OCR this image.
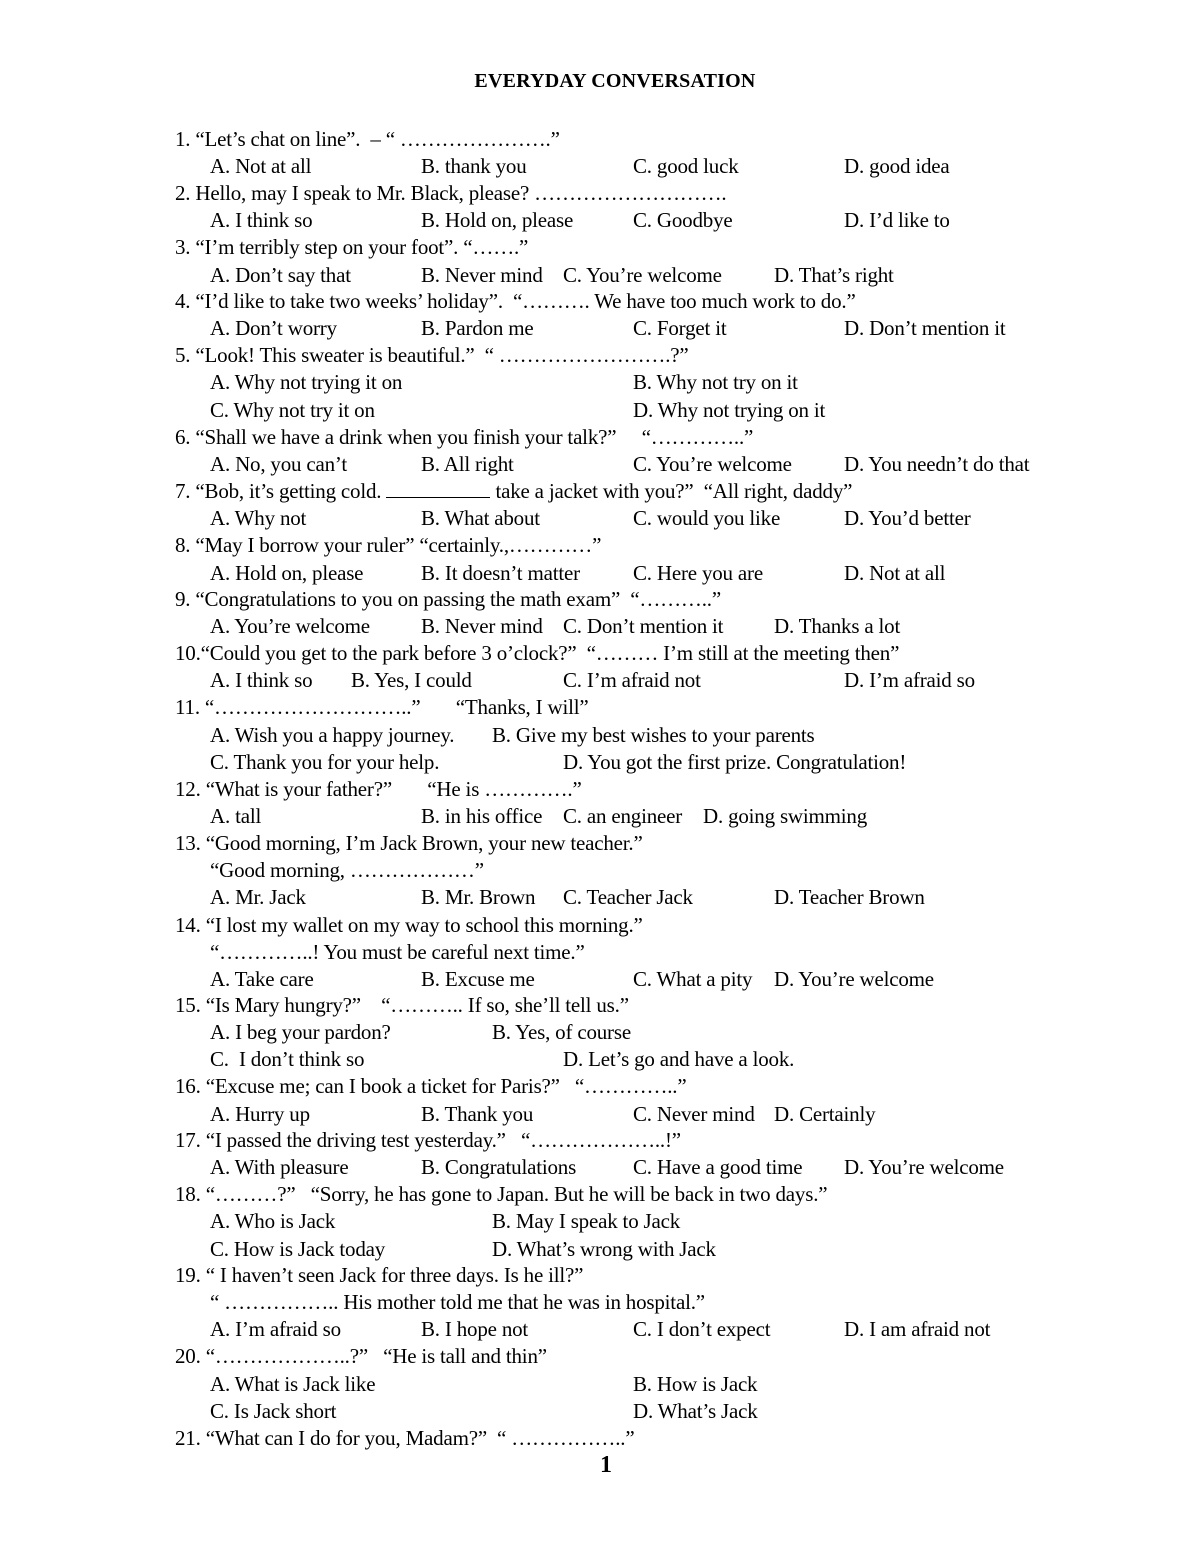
EVERYDAY CONVERSATION
1. “Let’s chat on line”.  – “ ………………….”
A. Not at all	B. thank you	C. good luck	D. good idea
2. Hello, may I speak to Mr. Black, please? ……………………….
A. I think so	B. Hold on, please	C. Goodbye	D. I’d like to
3. “I’m terribly step on your foot”. “…….”
A. Don’t say that	B. Never mind C. You’re welcome D. That’s right
4. “I’d like to take two weeks’ holiday”.  “………. We have too much work to do.”
A. Don’t worry	B. Pardon me	C. Forget it	D. Don’t mention it
5. “Look! This sweater is beautiful.”  “ …………………….?”
A. Why not trying it on	B. Why not try on it
C. Why not try it on	D. Why not trying on it
6. “Shall we have a drink when you finish your talk?”     “…………..”
A. No, you can’t	B. All right	C. You’re welcome D. You needn’t do that
7. “Bob, it’s getting cold.	take a jacket with you?”  “All right, daddy”
A. Why not	B. What about	C. would you like	D. You’d better
8. “May I borrow your ruler” “certainly.,…………”
A. Hold on, please	B. It doesn’t matter	C. Here you are	D. Not at all
9. “Congratulations to you on passing the math exam”  “………..”
A. You’re welcome B. Never mind C. Don’t mention it D. Thanks a lot
10.“Could you get to the park before 3 o’clock?”  “……… I’m still at the meeting then”
A. I think so B. Yes, I could	C. I’m afraid not	D. I’m afraid so
11. “………………………..”       “Thanks, I will”
A. Wish you a happy journey. B. Give my best wishes to your parents
C. Thank you for your help.	D. You got the first prize. Congratulation!
12. “What is your father?”       “He is ………….”
A. tall	B. in his office C. an engineer D. going swimming
13. “Good morning, I’m Jack Brown, your new teacher.”
“Good morning, ………………”
A. Mr. Jack	B. Mr. Brown C. Teacher Jack	D. Teacher Brown
14. “I lost my wallet on my way to school this morning.”
“…………..! You must be careful next time.”
A. Take care	B. Excuse me	C. What a pity D. You’re welcome
15. “Is Mary hungry?”    “……….. If so, she’ll tell us.”
A. I beg your pardon?	B. Yes, of course
C.  I don’t think so	D. Let’s go and have a look.
16. “Excuse me; can I book a ticket for Paris?”   “…………..”
A. Hurry up	B. Thank you	C. Never mind D. Certainly
17. “I passed the driving test yesterday.”   “………………..!”
A. With pleasure	B. Congratulations	C. Have a good time D. You’re welcome
18. “………?”   “Sorry, he has gone to Japan. But he will be back in two days.”
A. Who is Jack	B. May I speak to Jack
C. How is Jack today	D. What’s wrong with Jack
19. “ I haven’t seen Jack for three days. Is he ill?”
“ …………….. His mother told me that he was in hospital.”
A. I’m afraid so	B. I hope not	C. I don’t expect	D. I am afraid not
20. “………………..?”   “He is tall and thin”
A. What is Jack like	B. How is Jack
C. Is Jack short	D. What’s Jack
21. “What can I do for you, Madam?”  “ ……………..”
1
